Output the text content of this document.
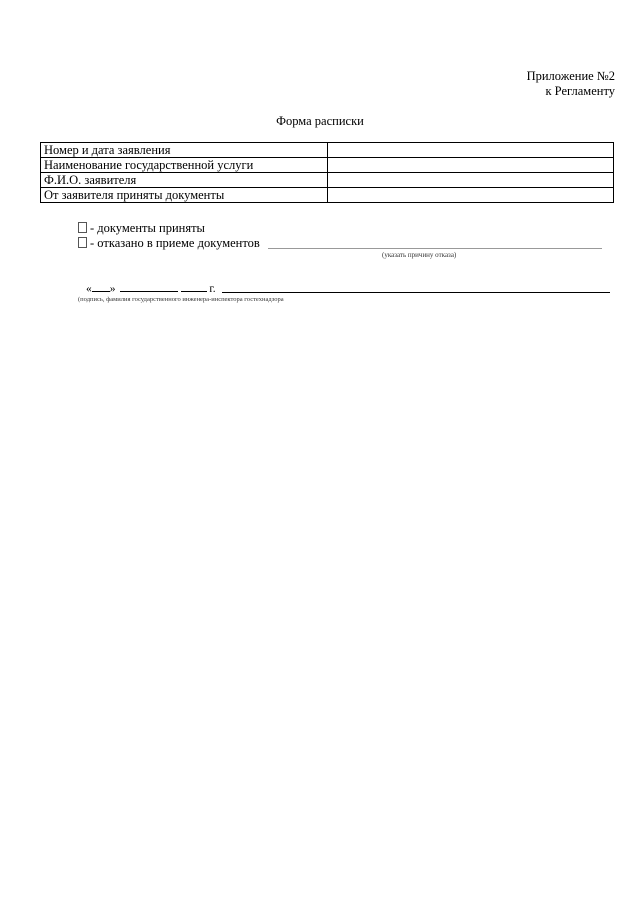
Приложение №2
к Регламенту
Форма расписки
Номер и дата заявления	
Наименование государственной услуги	
Ф.И.О. заявителя	
От заявителя приняты документы	
- документы приняты
- отказано в приеме документов
(указать причину отказа)
« »	г.
(подпись, фамилия государственного инженера-инспектора гостехнадзора
